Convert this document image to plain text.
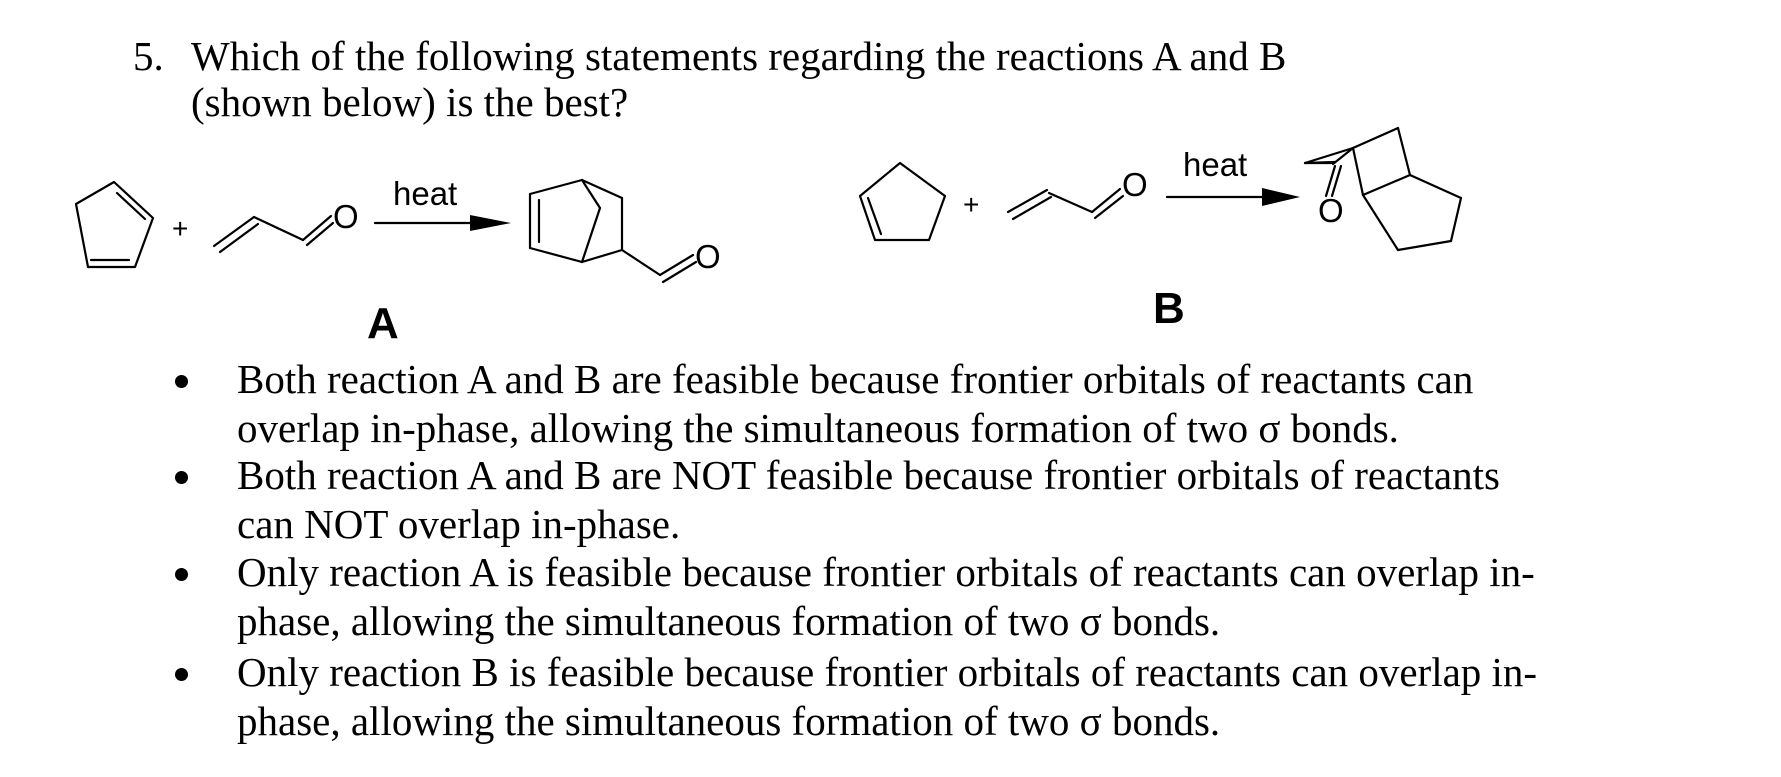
5. Which of the following statements regarding the reactions A and B (shown below) is the best?
+	O
heat
O
A
+
O
heat
O
B
Both reaction A and B are feasible because frontier orbitals of reactants can
overlap in-phase, allowing the simultaneous formation of two σ bonds.
Both reaction A and B are NOT feasible because frontier orbitals of reactants
can NOT overlap in-phase.
Only reaction A is feasible because frontier orbitals of reactants can overlap in-
phase, allowing the simultaneous formation of two σ bonds.
Only reaction B is feasible because frontier orbitals of reactants can overlap in-
phase, allowing the simultaneous formation of two σ bonds.
